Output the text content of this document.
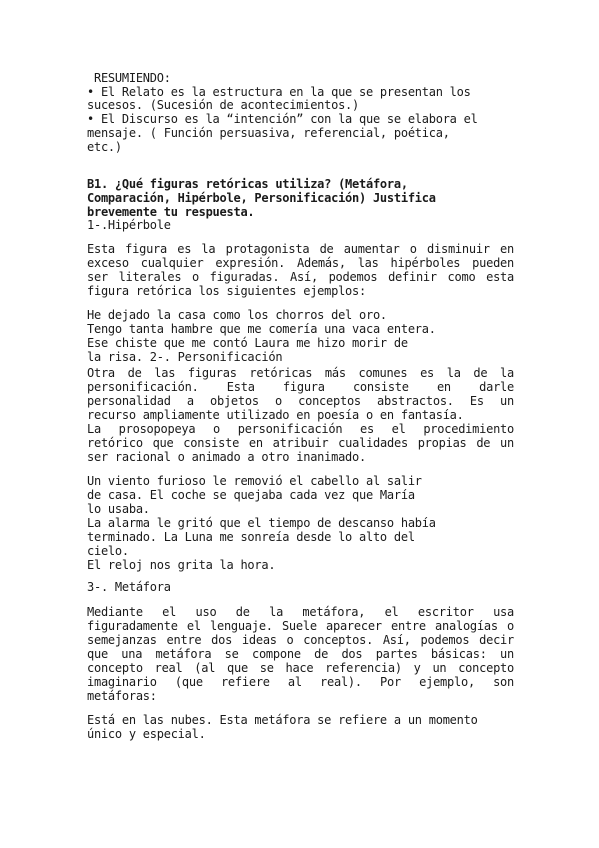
RESUMIENDO:
• El Relato es la estructura en la que se presentan los
sucesos. (Sucesión de acontecimientos.)
• El Discurso es la “intención” con la que se elabora el
mensaje. ( Función persuasiva, referencial, poética,
etc.)
B1. ¿Qué figuras retóricas utiliza? (Metáfora,
Comparación, Hipérbole, Personificación) Justifica
brevemente tu respuesta.
1-.Hipérbole
Esta figura es la protagonista de aumentar o disminuir en
exceso cualquier expresión. Además, las hipérboles pueden
ser literales o figuradas. Así, podemos definir como esta
figura retórica los siguientes ejemplos:
He dejado la casa como los chorros del oro.
Tengo tanta hambre que me comería una vaca entera.
Ese chiste que me contó Laura me hizo morir de
la risa. 2-. Personificación
Otra de las figuras retóricas más comunes es la de la
personificación. Esta figura consiste en darle
personalidad a objetos o conceptos abstractos. Es un
recurso ampliamente utilizado en poesía o en fantasía.
La prosopopeya o personificación es el procedimiento
retórico que consiste en atribuir cualidades propias de un
ser racional o animado a otro inanimado.
Un viento furioso le removió el cabello al salir
de casa. El coche se quejaba cada vez que María
lo usaba.
La alarma le gritó que el tiempo de descanso había
terminado. La Luna me sonreía desde lo alto del
cielo.
El reloj nos grita la hora.
3-. Metáfora
Mediante el uso de la metáfora, el escritor usa
figuradamente el lenguaje. Suele aparecer entre analogías o
semejanzas entre dos ideas o conceptos. Así, podemos decir
que una metáfora se compone de dos partes básicas: un
concepto real (al que se hace referencia) y un concepto
imaginario (que refiere al real). Por ejemplo, son
metáforas:
Está en las nubes. Esta metáfora se refiere a un momento
único y especial.
